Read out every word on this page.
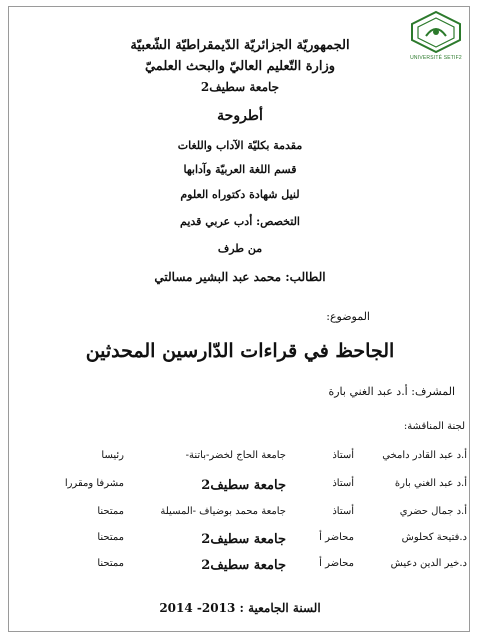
UNIVERSITÉ SETIF2
الجمهوريّة الجزائريّة الدّيمقراطيّة الشّعبيّة
وزارة التّعليم العاليّ والبحث العلميّ
جامعة سطيف2
أطروحة
مقدمة بكليّة الآداب واللغات
قسم اللغة العربيّة وآدابها
لنيل شهادة دكتوراه العلوم
التخصص: أدب عربي قديم
من طرف
الطالب: محمد عبد البشير مسالتي
الموضوع:
الجاحظ في قراءات الدّارسين المحدثين
المشرف: أ.د عبد الغني بارة
لجنة المناقشة:
أ.د عبد القادر دامخي
أستاذ
جامعة الحاج لخضر-باتنة-
رئيسا
أ.د عبد الغني بارة
أستاذ
جامعة سطيف2
مشرفا ومقررا
أ.د جمال حضري
أستاذ
جامعة محمد بوضياف -المسيلة
ممتحنا
د.فتيحة كحلوش
محاضر أ
جامعة سطيف2
ممتحنا
د.خير الدين دعيش
محاضر أ
جامعة سطيف2
ممتحنا
السنة الجامعية : 2013- 2014
